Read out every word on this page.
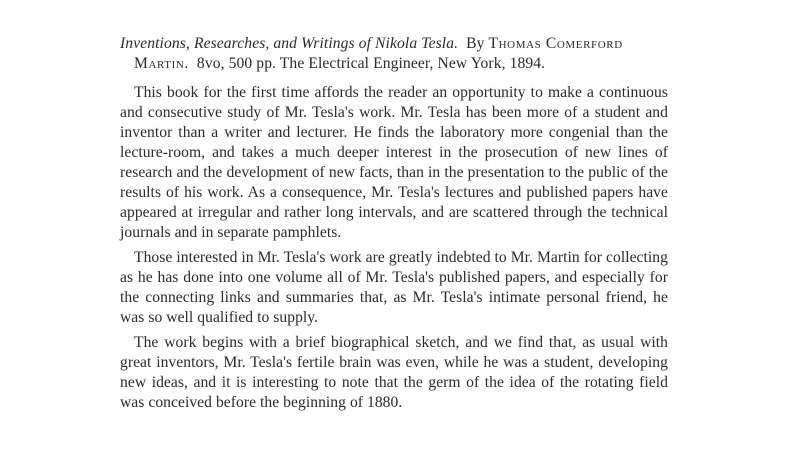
Inventions, Researches, and Writings of Nikola Tesla. By Thomas Comerford Martin. 8vo, 500 pp. The Electrical Engineer, New York, 1894.

This book for the first time affords the reader an opportunity to make a continuous and consecutive study of Mr. Tesla's work. Mr. Tesla has been more of a student and inventor than a writer and lecturer. He finds the laboratory more congenial than the lecture-room, and takes a much deeper interest in the prosecution of new lines of research and the development of new facts, than in the presentation to the public of the results of his work. As a consequence, Mr. Tesla's lectures and published papers have appeared at irregular and rather long intervals, and are scattered through the technical journals and in separate pamphlets.

Those interested in Mr. Tesla's work are greatly indebted to Mr. Martin for collecting as he has done into one volume all of Mr. Tesla's published papers, and especially for the connecting links and summaries that, as Mr. Tesla's intimate personal friend, he was so well qualified to supply.

The work begins with a brief biographical sketch, and we find that, as usual with great inventors, Mr. Tesla's fertile brain was even, while he was a student, developing new ideas, and it is interesting to note that the germ of the idea of the rotating field was conceived before the beginning of 1880.
